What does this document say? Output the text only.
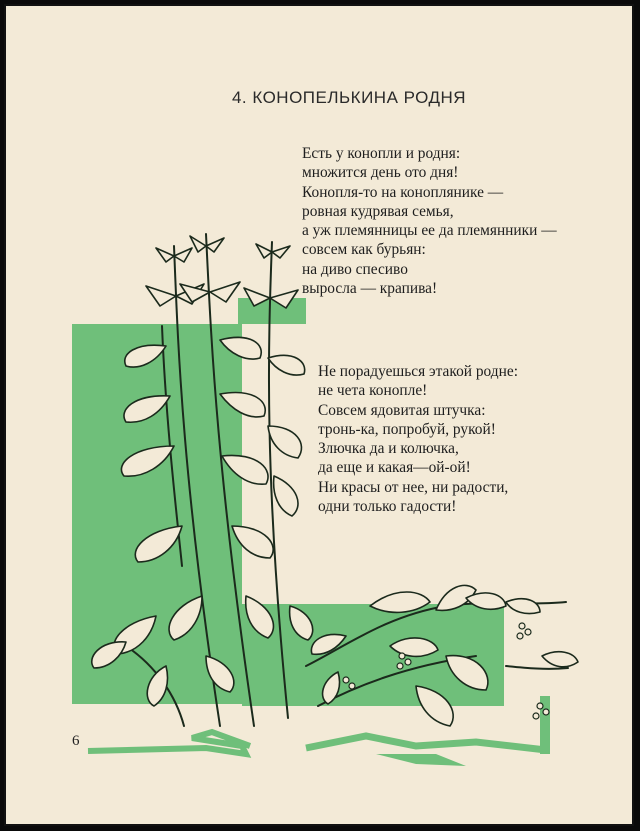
4. КОНОПЕЛЬКИНА РОДНЯ
Есть у конопли и родня:
множится день ото дня!
Конопля-то на коноплянике —
ровная кудрявая семья,
а уж племянницы ее да племянники —
совсем как бурьян:
на диво спесиво
выросла — крапива!
Не порадуешься этакой родне:
не чета конопле!
Совсем ядовитая штучка:
тронь-ка, попробуй, рукой!
Злючка да и колючка,
да еще и какая—ой-ой!
Ни красы от нее, ни радости,
одни только гадости!
6
